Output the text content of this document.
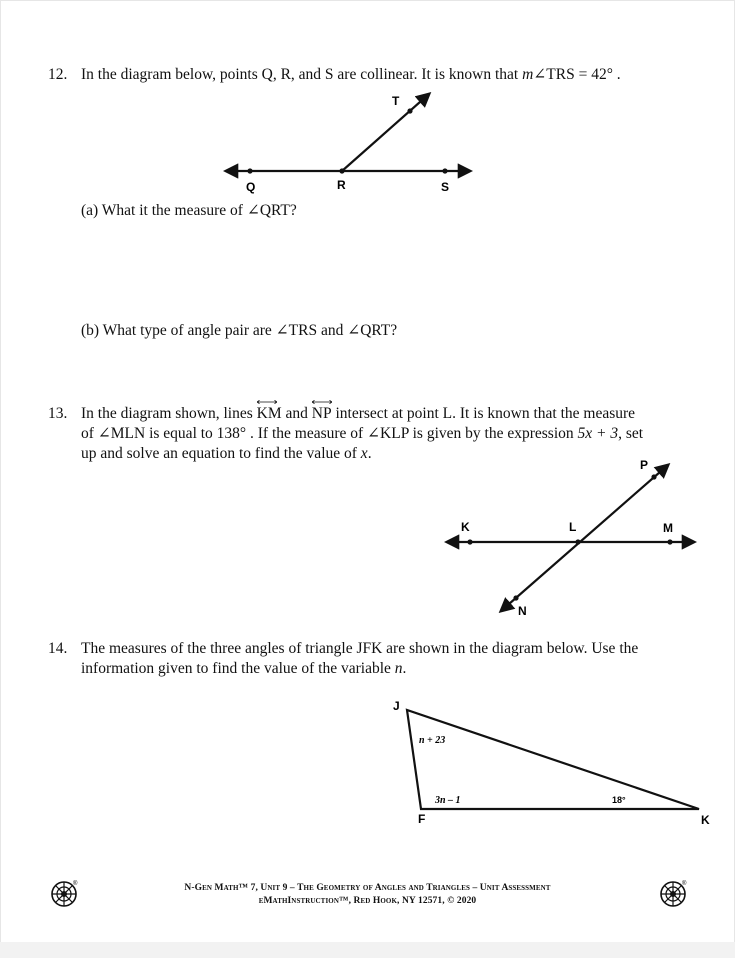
12. In the diagram below, points Q, R, and S are collinear. It is known that m∠TRS = 42° .
T
Q	R	S
(a) What it the measure of ∠QRT?
(b) What type of angle pair are ∠TRS and ∠QRT?
13. In the diagram shown, lines
KM and
NP intersect at point L. It is known that the measure
of ∠MLN is equal to 138° . If the measure of ∠KLP is given by the expression 5x + 3, set
up and solve an equation to find the value of x.
P
K	L	M
N
14. The measures of the three angles of triangle JFK are shown in the diagram below. Use the
information given to find the value of the variable n.
J
F	K
n + 23
3n – 1	18°
®	®
N-Gen Math™ 7, Unit 9 – The Geometry of Angles and Triangles – Unit Assessment
eMathInstruction™, Red Hook, NY 12571, © 2020
